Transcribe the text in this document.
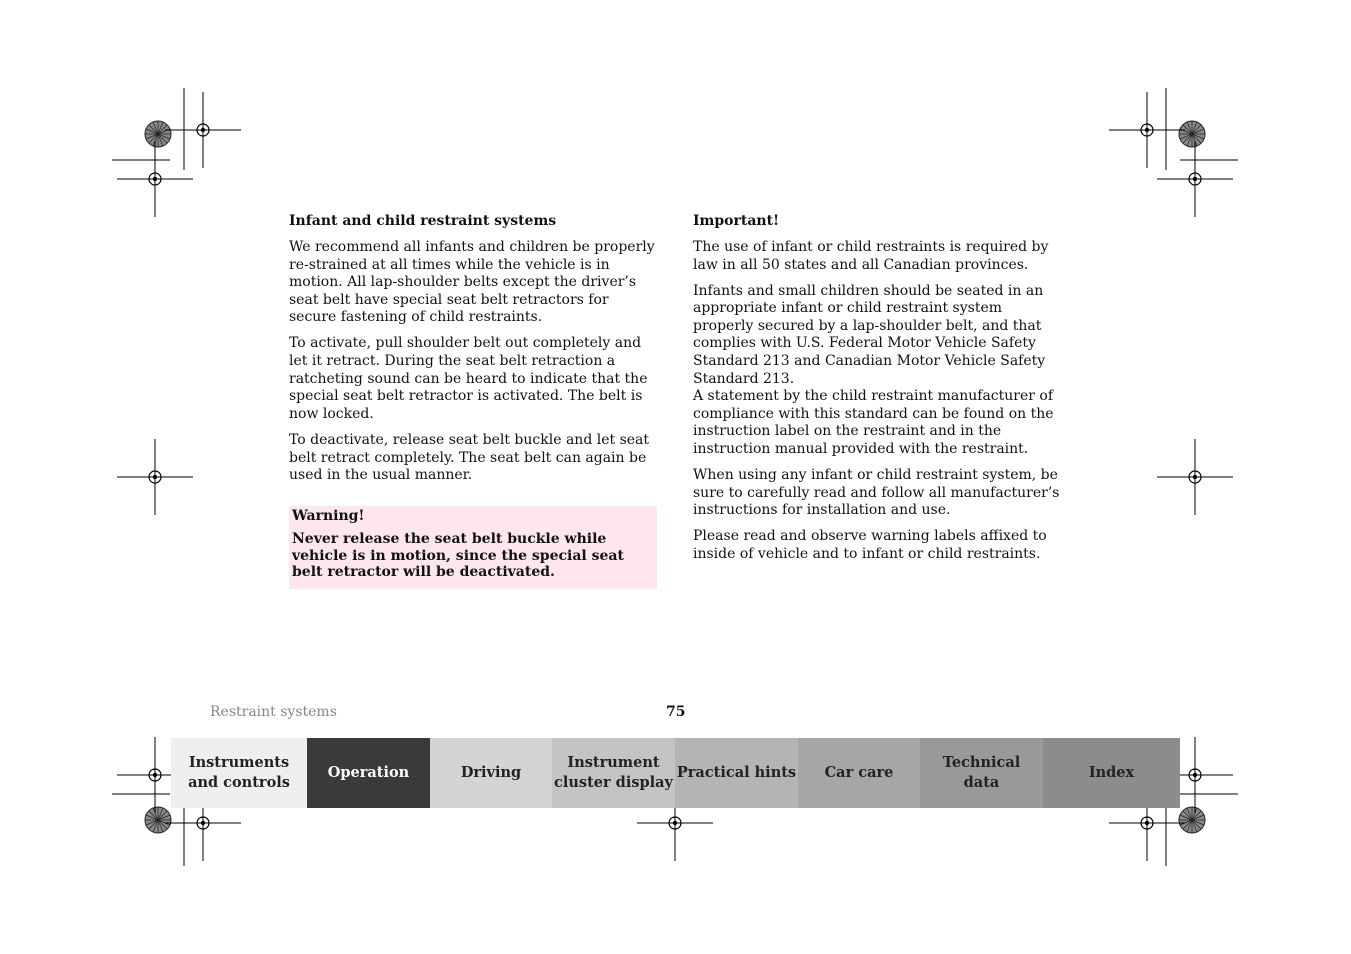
Infant and child restraint systems

We recommend all infants and children be properly re-strained at all times while the vehicle is in motion. All lap-shoulder belts except the driver’s seat belt have special seat belt retractors for secure fastening of child restraints.

To activate, pull shoulder belt out completely and let it retract. During the seat belt retraction a ratcheting sound can be heard to indicate that the special seat belt retractor is activated. The belt is now locked.

To deactivate, release seat belt buckle and let seat belt retract completely. The seat belt can again be used in the usual manner.

Warning!
Never release the seat belt buckle while vehicle is in motion, since the special seat belt retractor will be deactivated.
Important!

The use of infant or child restraints is required by law in all 50 states and all Canadian provinces.

Infants and small children should be seated in an appropriate infant or child restraint system properly secured by a lap-shoulder belt, and that complies with U.S. Federal Motor Vehicle Safety Standard 213 and Canadian Motor Vehicle Safety Standard 213.

A statement by the child restraint manufacturer of compliance with this standard can be found on the instruction label on the restraint and in the instruction manual provided with the restraint.

When using any infant or child restraint system, be sure to carefully read and follow all manufacturer’s instructions for installation and use.

Please read and observe warning labels affixed to inside of vehicle and to infant or child restraints.

Restraint systems	75
Instruments
and controls
Operation	Driving
Instrument
cluster display
Practical hints	Car care
Technical
data
Index
